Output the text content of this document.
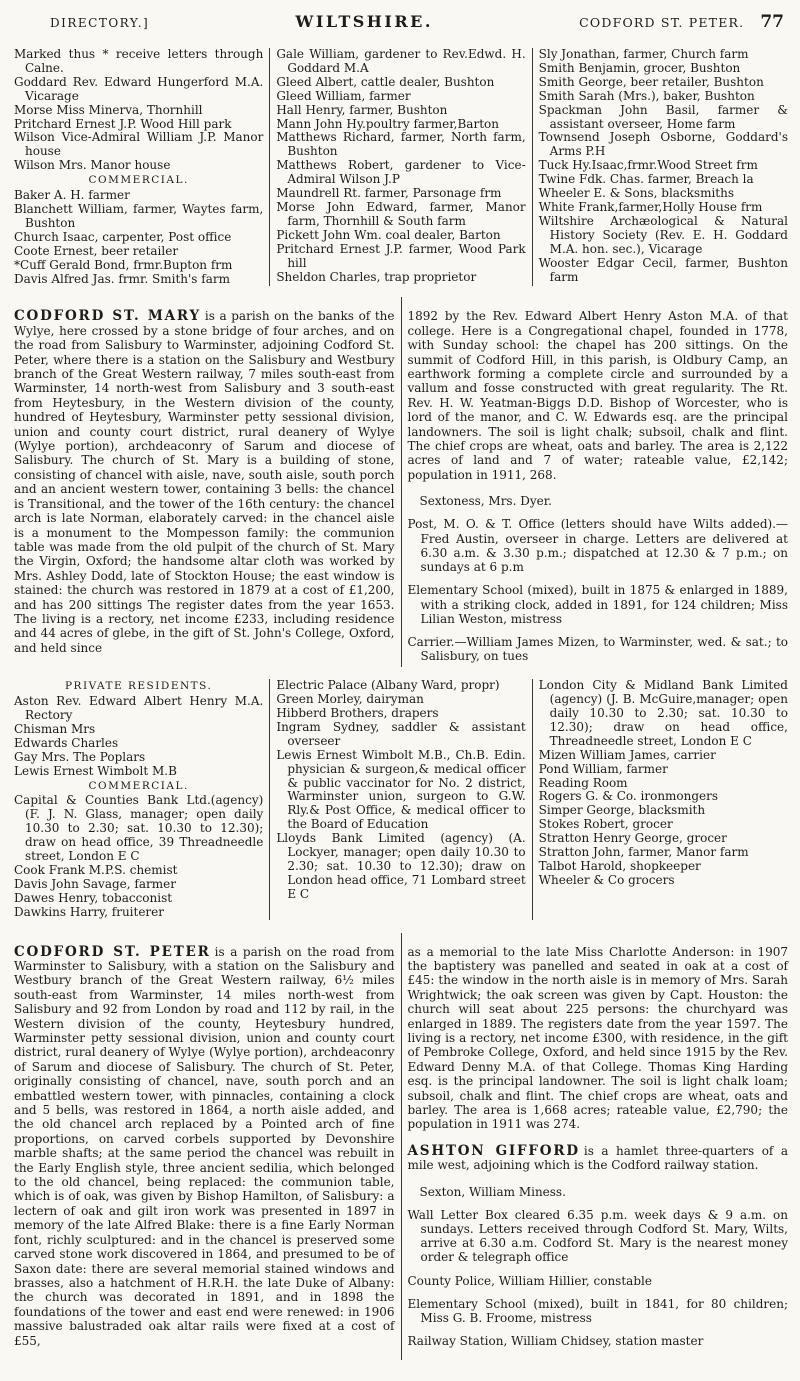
DIRECTORY.]	WILTSHIRE.	CODFORD ST. PETER. 77
Marked thus * receive letters through Calne.
Goddard Rev. Edward Hungerford M.A. Vicarage
Morse Miss Minerva, Thornhill
Pritchard Ernest J.P. Wood Hill park
Wilson Vice-Admiral William J.P. Manor house
Wilson Mrs. Manor house
COMMERCIAL.
Baker A. H. farmer
Blanchett William, farmer, Waytes farm, Bushton
Church Isaac, carpenter, Post office
Coote Ernest, beer retailer
*Cuff Gerald Bond, frmr.Bupton frm
Davis Alfred Jas. frmr. Smith's farm
Gale William, gardener to Rev.Edwd. H. Goddard M.A
Gleed Albert, cattle dealer, Bushton
Gleed William, farmer
Hall Henry, farmer, Bushton
Mann John Hy.poultry farmer,Barton
Matthews Richard, farmer, North farm, Bushton
Matthews Robert, gardener to Vice-Admiral Wilson J.P
Maundrell Rt. farmer, Parsonage frm
Morse John Edward, farmer, Manor farm, Thornhill & South farm
Pickett John Wm. coal dealer, Barton
Pritchard Ernest J.P. farmer, Wood Park hill
Sheldon Charles, trap proprietor
Sly Jonathan, farmer, Church farm
Smith Benjamin, grocer, Bushton
Smith George, beer retailer, Bushton
Smith Sarah (Mrs.), baker, Bushton
Spackman John Basil, farmer & assistant overseer, Home farm
Townsend Joseph Osborne, Goddard's Arms P.H
Tuck Hy.Isaac,frmr.Wood Street frm
Twine Fdk. Chas. farmer, Breach la
Wheeler E. & Sons, blacksmiths
White Frank,farmer,Holly House frm
Wiltshire Archæological & Natural History Society (Rev. E. H. Goddard M.A. hon. sec.), Vicarage
Wooster Edgar Cecil, farmer, Bushton farm

CODFORD ST. MARY is a parish on the banks of the Wylye, here crossed by a stone bridge of four arches, and on the road from Salisbury to Warminster, adjoining Codford St. Peter, where there is a station on the Salisbury and Westbury branch of the Great Western railway, 7 miles south-east from Warminster, 14 north-west from Salisbury and 3 south-east from Heytesbury, in the Western division of the county, hundred of Heytesbury, Warminster petty sessional division, union and county court district, rural deanery of Wylye (Wylye portion), archdeaconry of Sarum and diocese of Salisbury. The church of St. Mary is a building of stone, consisting of chancel with aisle, nave, south aisle, south porch and an ancient western tower, containing 3 bells: the chancel is Transitional, and the tower of the 16th century: the chancel arch is late Norman, elaborately carved: in the chancel aisle is a monument to the Mompesson family: the communion table was made from the old pulpit of the church of St. Mary the Virgin, Oxford; the handsome altar cloth was worked by Mrs. Ashley Dodd, late of Stockton House; the east window is stained: the church was restored in 1879 at a cost of £1,200, and has 200 sittings The register dates from the year 1653. The living is a rectory, net income £233, including residence and 44 acres of glebe, in the gift of St. John's College, Oxford, and held since

1892 by the Rev. Edward Albert Henry Aston M.A. of that college. Here is a Congregational chapel, founded in 1778, with Sunday school: the chapel has 200 sittings. On the summit of Codford Hill, in this parish, is Oldbury Camp, an earthwork forming a complete circle and surrounded by a vallum and fosse constructed with great regularity. The Rt. Rev. H. W. Yeatman-Biggs D.D. Bishop of Worcester, who is lord of the manor, and C. W. Edwards esq. are the principal landowners. The soil is light chalk; subsoil, chalk and flint. The chief crops are wheat, oats and barley. The area is 2,122 acres of land and 7 of water; rateable value, £2,142; population in 1911, 268.

Sextoness, Mrs. Dyer.
Post, M. O. & T. Office (letters should have Wilts added).—Fred Austin, overseer in charge. Letters are delivered at 6.30 a.m. & 3.30 p.m.; dispatched at 12.30 & 7 p.m.; on sundays at 6 p.m
Elementary School (mixed), built in 1875 & enlarged in 1889, with a striking clock, added in 1891, for 124 children; Miss Lilian Weston, mistress
Carrier.—William James Mizen, to Warminster, wed. & sat.; to Salisbury, on tues
PRIVATE RESIDENTS.
Aston Rev. Edward Albert Henry M.A. Rectory
Chisman Mrs
Edwards Charles
Gay Mrs. The Poplars
Lewis Ernest Wimbolt M.B
COMMERCIAL.
Capital & Counties Bank Ltd.(agency) (F. J. N. Glass, manager; open daily 10.30 to 2.30; sat. 10.30 to 12.30); draw on head office, 39 Threadneedle street, London E C
Cook Frank M.P.S. chemist
Davis John Savage, farmer
Dawes Henry, tobacconist
Dawkins Harry, fruiterer
Electric Palace (Albany Ward, propr)
Green Morley, dairyman
Hibberd Brothers, drapers
Ingram Sydney, saddler & assistant overseer
Lewis Ernest Wimbolt M.B., Ch.B. Edin. physician & surgeon,& medical officer & public vaccinator for No. 2 district, Warminster union, surgeon to G.W. Rly.& Post Office, & medical officer to the Board of Education
Lloyds Bank Limited (agency) (A. Lockyer, manager; open daily 10.30 to 2.30; sat. 10.30 to 12.30); draw on London head office, 71 Lombard street E C
London City & Midland Bank Limited (agency) (J. B. McGuire,manager; open daily 10.30 to 2.30; sat. 10.30 to 12.30); draw on head office, Threadneedle street, London E C
Mizen William James, carrier
Pond William, farmer
Reading Room
Rogers G. & Co. ironmongers
Simper George, blacksmith
Stokes Robert, grocer
Stratton Henry George, grocer
Stratton John, farmer, Manor farm
Talbot Harold, shopkeeper
Wheeler & Co grocers

CODFORD ST. PETER is a parish on the road from Warminster to Salisbury, with a station on the Salisbury and Westbury branch of the Great Western railway, 6½ miles south-east from Warminster, 14 miles north-west from Salisbury and 92 from London by road and 112 by rail, in the Western division of the county, Heytesbury hundred, Warminster petty sessional division, union and county court district, rural deanery of Wylye (Wylye portion), archdeaconry of Sarum and diocese of Salisbury. The church of St. Peter, originally consisting of chancel, nave, south porch and an embattled western tower, with pinnacles, containing a clock and 5 bells, was restored in 1864, a north aisle added, and the old chancel arch replaced by a Pointed arch of fine proportions, on carved corbels supported by Devonshire marble shafts; at the same period the chancel was rebuilt in the Early English style, three ancient sedilia, which belonged to the old chancel, being replaced: the communion table, which is of oak, was given by Bishop Hamilton, of Salisbury: a lectern of oak and gilt iron work was presented in 1897 in memory of the late Alfred Blake: there is a fine Early Norman font, richly sculptured: and in the chancel is preserved some carved stone work discovered in 1864, and presumed to be of Saxon date: there are several memorial stained windows and brasses, also a hatchment of H.R.H. the late Duke of Albany: the church was decorated in 1891, and in 1898 the foundations of the tower and east end were renewed: in 1906 massive balustraded oak altar rails were fixed at a cost of £55,

as a memorial to the late Miss Charlotte Anderson: in 1907 the baptistery was panelled and seated in oak at a cost of £45: the window in the north aisle is in memory of Mrs. Sarah Wrightwick; the oak screen was given by Capt. Houston: the church will seat about 225 persons: the churchyard was enlarged in 1889. The registers date from the year 1597. The living is a rectory, net income £300, with residence, in the gift of Pembroke College, Oxford, and held since 1915 by the Rev. Edward Denny M.A. of that College. Thomas King Harding esq. is the principal landowner. The soil is light chalk loam; subsoil, chalk and flint. The chief crops are wheat, oats and barley. The area is 1,668 acres; rateable value, £2,790; the population in 1911 was 274.

ASHTON GIFFORD is a hamlet three-quarters of a mile west, adjoining which is the Codford railway station.

Sexton, William Miness.
Wall Letter Box cleared 6.35 p.m. week days & 9 a.m. on sundays. Letters received through Codford St. Mary, Wilts, arrive at 6.30 a.m. Codford St. Mary is the nearest money order & telegraph office
County Police, William Hillier, constable
Elementary School (mixed), built in 1841, for 80 children; Miss G. B. Froome, mistress
Railway Station, William Chidsey, station master
